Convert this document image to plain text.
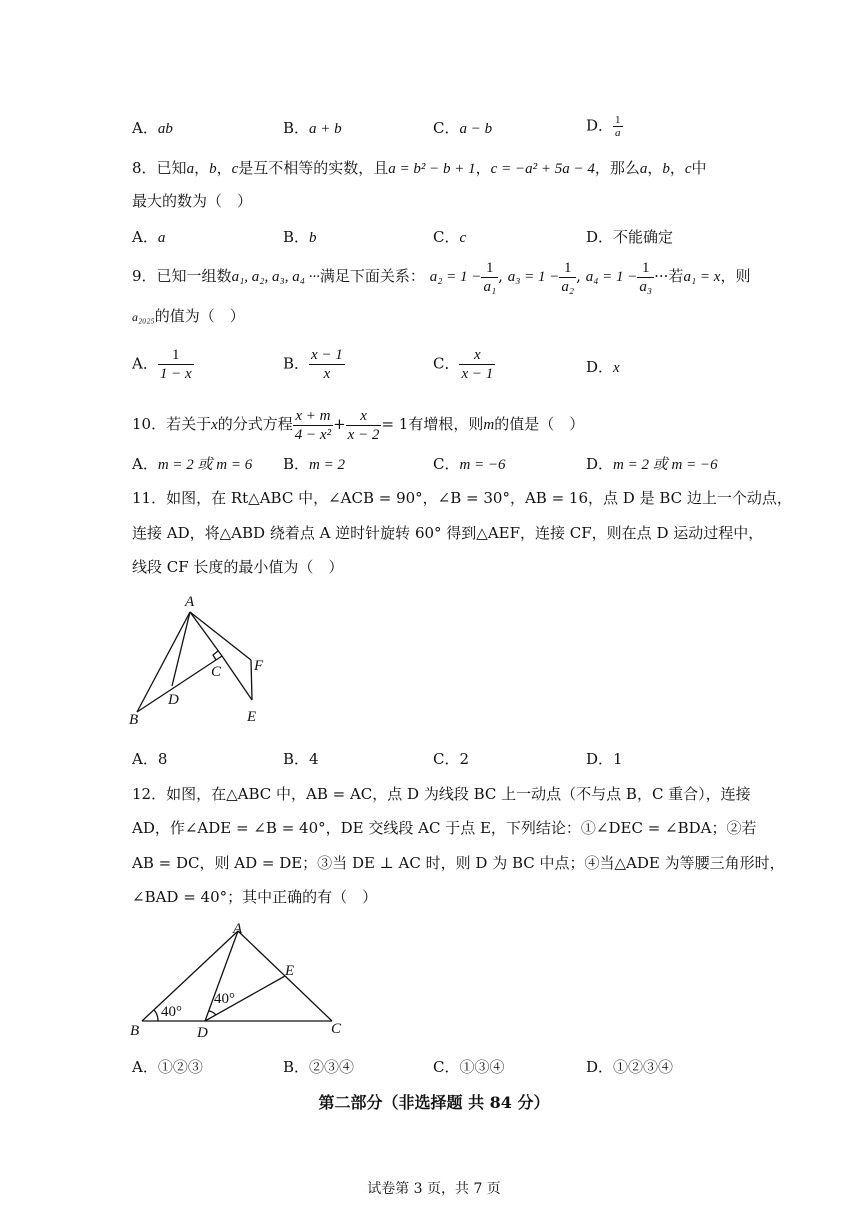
A．ab	B．a + b	C．a − b	D． $\frac{1}{a}$
8．已知a，b，c是互不相等的实数，且a = b² − b + 1，c = −a² + 5a − 4，那么a，b，c中
最大的数为（　）
A．a	B．b	C．c	D．不能确定
9．已知一组数a₁, a₂, a₃, a₄ ···满足下面关系： $a_2 = 1 - \frac{1}{\text{a₁}}$ , $a_3 = 1 - \frac{1}{\text{a₂}}$ , $a_4 = 1 - \frac{1}{\text{a₃}}$ ···若a₁ = x，则
a₂₀₂₅的值为（　）
A． $\frac{1}{1 - x}$	B． $\frac{x - 1}{x}$	C． $\frac{x}{x - 1}$	D．x
10．若关于x的分式方程 $\frac{x + m}{\text{4 − x²}} + \frac{x}{x - 2} = 1$有增根，则m的值是（　）
A．m = 2 或 m = 6 B．m = 2	C．m = −6	D．m = 2 或 m = −6
11．如图，在 Rt△ABC 中，∠ACB = 90°，∠B = 30°，AB = 16，点 D 是 BC 边上一个动点，
连接 AD，将△ABD 绕着点 A 逆时针旋转 60° 得到△AEF，连接 CF，则在点 D 运动过程中，
线段 CF 长度的最小值为（　）
A
B
C
D
E
F
A．8	B．4	C．2	D．1
12．如图，在△ABC 中，AB = AC，点 D 为线段 BC 上一动点（不与点 B，C 重合），连接
AD，作∠ADE = ∠B = 40°，DE 交线段 AC 于点 E，下列结论：①∠DEC = ∠BDA；②若
AB = DC，则 AD = DE；③当 DE ⊥ AC 时，则 D 为 BC 中点；④当△ADE 为等腰三角形时，
∠BAD = 40°；其中正确的有（　）
A
B	C
D
E
40°
40°
A．①②③	B．②③④	C．①③④	D．①②③④
第二部分（非选择题 共 84 分）
试卷第 3 页，共 7 页
